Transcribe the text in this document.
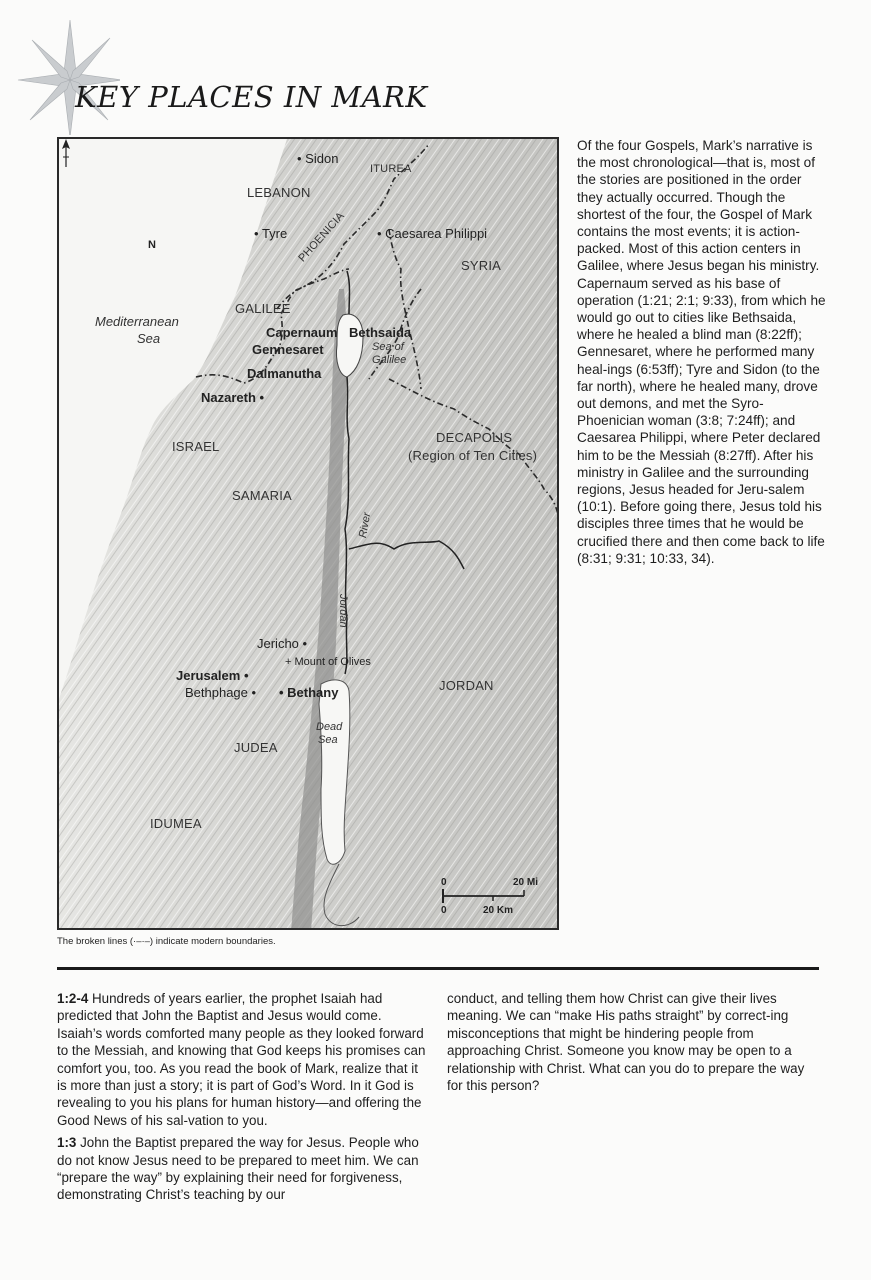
KEY PLACES IN MARK
N
Mediterranean
Sea
LEBANON
ITUREA
PHOENICIA
SYRIA
GALILEE
ISRAEL
SAMARIA
DECAPOLIS
(Region of Ten Cities)
JORDAN
JUDEA
IDUMEA
• Sidon
• Tyre	• Caesarea Philippi
Capernaum Bethsaida
Gennesaret
Dalmanutha
Nazareth •
Jericho •
+ Mount of Olives
Jerusalem •
Bethphage • • Bethany
Sea of
Galilee
River
Jordan
Dead
Sea
0	20 Mi
0	20 Km

The broken lines (·–·–) indicate modern boundaries.

Of the four Gospels, Mark’s narrative is the most chronological—that is, most of the stories are positioned in the order they actually occurred. Though the shortest of the four, the Gospel of Mark contains the most events; it is action-packed. Most of this action centers in Galilee, where Jesus began his ministry. Capernaum served as his base of operation (1:21; 2:1; 9:33), from which he would go out to cities like Bethsaida, where he healed a blind man (8:22ff); Gennesaret, where he performed many heal-ings (6:53ff); Tyre and Sidon (to the far north), where he healed many, drove out demons, and met the Syro-Phoenician woman (3:8; 7:24ff); and Caesarea Philippi, where Peter declared him to be the Messiah (8:27ff). After his ministry in Galilee and the surrounding regions, Jesus headed for Jeru-salem (10:1). Before going there, Jesus told his disciples three times that he would be crucified there and then come back to life (8:31; 9:31; 10:33, 34).

1:2-4 Hundreds of years earlier, the prophet Isaiah had predicted that John the Baptist and Jesus would come. Isaiah’s words comforted many people as they looked forward to the Messiah, and knowing that God keeps his promises can comfort you, too. As you read the book of Mark, realize that it is more than just a story; it is part of God’s Word. In it God is revealing to you his plans for human history—and offering the Good News of his sal-vation to you.

1:3 John the Baptist prepared the way for Jesus. People who do not know Jesus need to be prepared to meet him. We can “prepare the way” by explaining their need for forgiveness, demonstrating Christ’s teaching by our

conduct, and telling them how Christ can give their lives meaning. We can “make His paths straight” by correct-ing misconceptions that might be hindering people from approaching Christ. Someone you know may be open to a relationship with Christ. What can you do to prepare the way for this person?
